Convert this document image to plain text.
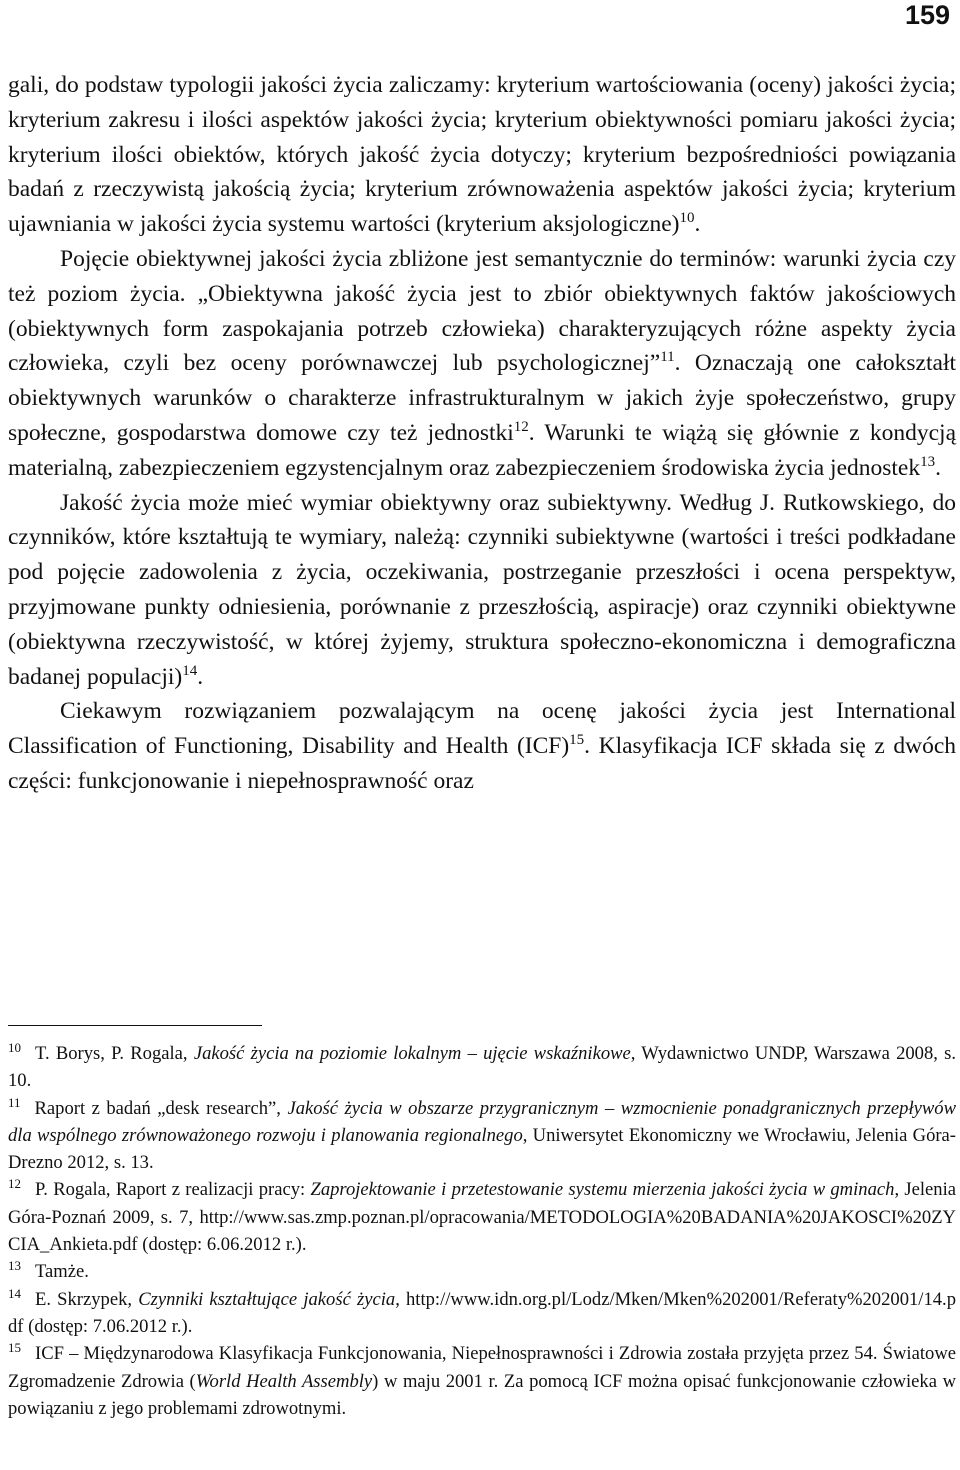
159

gali, do podstaw typologii jakości życia zaliczamy: kryterium wartościowania (oceny) jakości życia; kryterium zakresu i ilości aspektów jakości życia; kryterium obiektywności pomiaru jakości życia; kryterium ilości obiektów, których jakość życia dotyczy; kryterium bezpośredniości powiązania badań z rzeczywistą jakością życia; kryterium zrównoważenia aspektów jakości życia; kryterium ujawniania w jakości życia systemu wartości (kryterium aksjologiczne)$^{10}$.

Pojęcie obiektywnej jakości życia zbliżone jest semantycznie do terminów: warunki życia czy też poziom życia. „Obiektywna jakość życia jest to zbiór obiektywnych faktów jakościowych (obiektywnych form zaspokajania potrzeb człowieka) charakteryzujących różne aspekty życia człowieka, czyli bez oceny porównawczej lub psychologicznej”$^{11}$. Oznaczają one całokształt obiektywnych warunków o charakterze infrastrukturalnym w jakich żyje społeczeństwo, grupy społeczne, gospodarstwa domowe czy też jednostki$^{12}$. Warunki te wiążą się głównie z kondycją materialną, zabezpieczeniem egzystencjalnym oraz zabezpieczeniem środowiska życia jednostek$^{13}$.

Jakość życia może mieć wymiar obiektywny oraz subiektywny. Według J. Rutkowskiego, do czynników, które kształtują te wymiary, należą: czynniki subiektywne (wartości i treści podkładane pod pojęcie zadowolenia z życia, oczekiwania, postrzeganie przeszłości i ocena perspektyw, przyjmowane punkty odniesienia, porównanie z przeszłością, aspiracje) oraz czynniki obiektywne (obiektywna rzeczywistość, w której żyjemy, struktura społeczno-ekonomiczna i demograficzna badanej populacji)$^{14}$.

Ciekawym rozwiązaniem pozwalającym na ocenę jakości życia jest International Classification of Functioning, Disability and Health (ICF)$^{15}$. Klasyfikacja ICF składa się z dwóch części: funkcjonowanie i niepełnosprawność oraz

$^{10}$ T. Borys, P. Rogala, Jakość życia na poziomie lokalnym – ujęcie wskaźnikowe, Wydawnictwo UNDP, Warszawa 2008, s. 10.

$^{11}$ Raport z badań „desk research”, Jakość życia w obszarze przygranicznym – wzmocnienie ponadgranicznych przepływów dla wspólnego zrównoważonego rozwoju i planowania regionalnego, Uniwersytet Ekonomiczny we Wrocławiu, Jelenia Góra-Drezno 2012, s. 13.

$^{12}$ P. Rogala, Raport z realizacji pracy: Zaprojektowanie i przetestowanie systemu mierzenia jakości życia w gminach, Jelenia Góra-Poznań 2009, s. 7, http://www.sas.zmp.poznan.pl/opracowania/METODOLOGIA%20BADANIA%20JAKOSCI%20ZYCIA_Ankieta.pdf (dostęp: 6.06.2012 r.).

$^{13}$ Tamże.

$^{14}$ E. Skrzypek, Czynniki kształtujące jakość życia, http://www.idn.org.pl/Lodz/Mken/Mken%202001/Referaty%202001/14.pdf (dostęp: 7.06.2012 r.).

$^{15}$ ICF – Międzynarodowa Klasyfikacja Funkcjonowania, Niepełnosprawności i Zdrowia została przyjęta przez 54. Światowe Zgromadzenie Zdrowia (World Health Assembly) w maju 2001 r. Za pomocą ICF można opisać funkcjonowanie człowieka w powiązaniu z jego problemami zdrowotnymi.
